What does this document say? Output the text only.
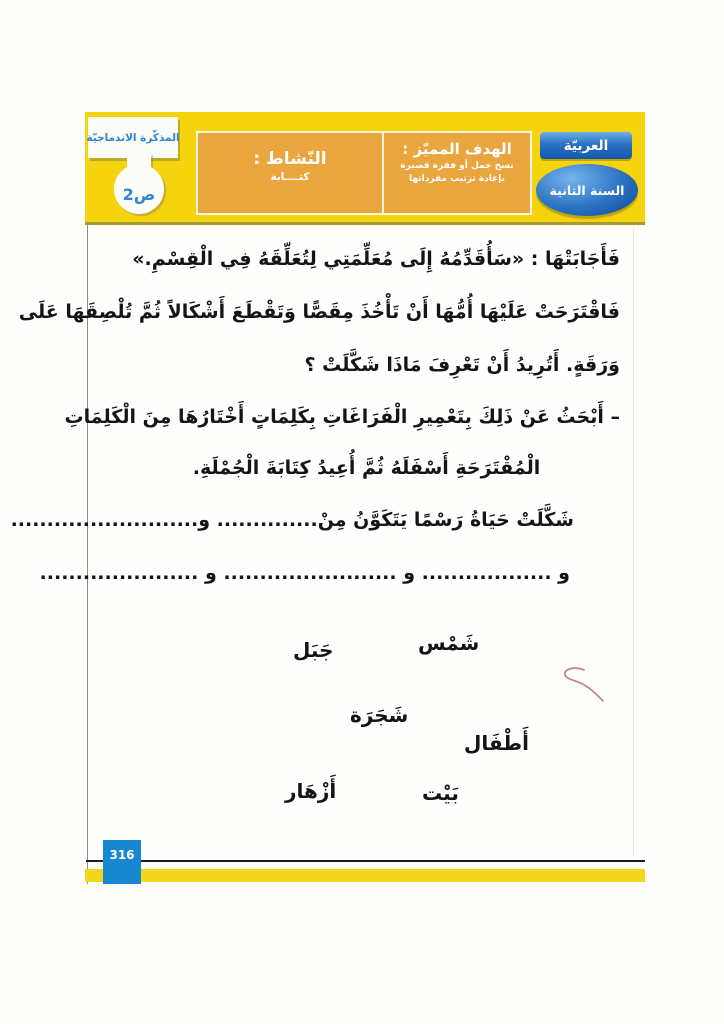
المذكّرة الاندماجيّة
ص2
الهدف المميّز :
نسخ جمل أو فقرة قصيرة
بإعادة ترتيب مفرداتها
النّشاط :
كتــــابة
العربيّة
السنة الثانية
فَأَجَابَتْهَا : «سَأُقَدِّمُهُ إِلَى مُعَلِّمَتِي لِتُعَلِّقَهُ فِي الْقِسْمِ.»
فَاقْتَرَحَتْ عَلَيْهَا أُمُّهَا أَنْ تَأْخُذَ مِقَصًّا وَتَقْطَعَ أَشْكَالاً ثُمَّ تُلْصِقَهَا عَلَى
وَرَقَةٍ. أَتُرِيدُ أَنْ تَعْرِفَ مَاذَا شَكَّلَتْ ؟
– أَبْحَثُ عَنْ ذَلِكَ بِتَعْمِيرِ الْفَرَاغَاتِ بِكَلِمَاتٍ أَخْتَارُهَا مِنَ الْكَلِمَاتِ
الْمُقْتَرَحَةِ أَسْفَلَهُ ثُمَّ أُعِيدُ كِتَابَةَ الْجُمْلَةِ.
شَكَّلَتْ حَيَاةُ رَسْمًا يَتَكَوَّنُ مِنْ.............. و..........................
و .................. و ........................ و ......................
شَمْس
جَبَل
شَجَرَة
أَطْفَال
بَيْت
أَزْهَار
316
